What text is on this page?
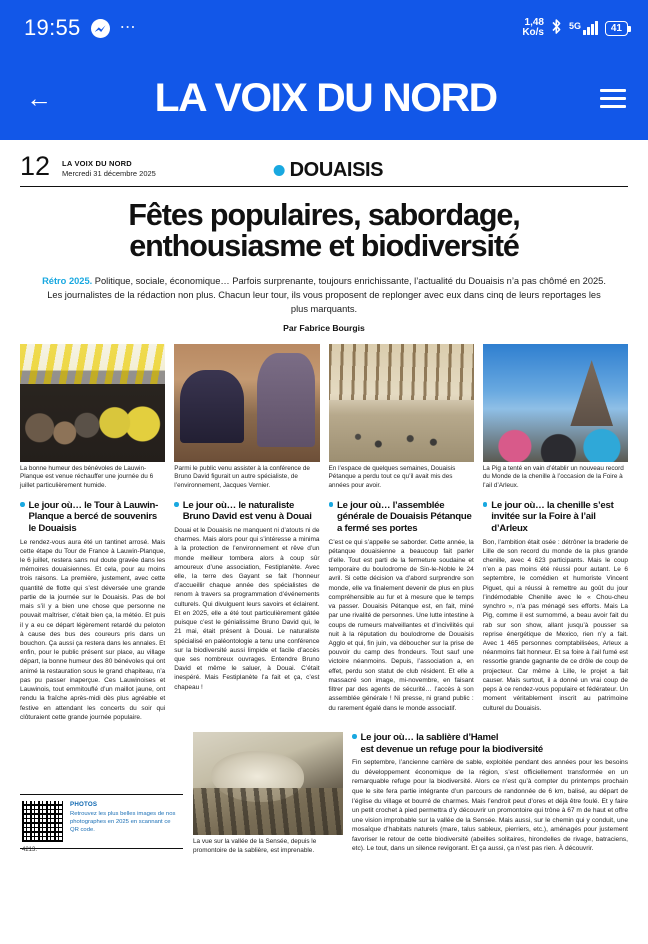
19:55 ⋯	1,48
Ko/s
5G	41
←	LA VOIX DU NORD
12 LA VOIX DU NORD
Mercredi 31 décembre 2025	DOUAISIS
Fêtes populaires, sabordage,
enthousiasme et biodiversité
Rétro 2025. Politique, sociale, économique… Parfois surprenante, toujours enrichissante, l’actualité du Douaisis n’a pas chômé en 2025. Les journalistes de la rédaction non plus. Chacun leur tour, ils vous proposent de replonger avec eux dans cinq de leurs reportages les plus marquants.
Par Fabrice Bourgis
La bonne humeur des bénévoles de Lauwin-Planque est venue réchauffer une journée du 6 juillet particulièrement humide.
Parmi le public venu assister à la conférence de Bruno David figurait un autre spécialiste, de l’environnement, Jacques Vernier.
En l’espace de quelques semaines, Douaisis Pétanque a perdu tout ce qu’il avait mis des années pour avoir.
La Pig a tenté en vain d’établir un nouveau record du Monde de la chenille à l’occasion de la Foire à l’ail d’Arleux.
Le jour où… le Tour à Lauwin-Planque a bercé de souvenirs le Douaisis
Le rendez-vous aura été un tantinet arrosé. Mais cette étape du Tour de France à Lauwin-Planque, le 6 juillet, restera sans nul doute gravée dans les mémoires douaisiennes. Et cela, pour au moins trois raisons. La première, justement, avec cette quantité de flotte qui s’est déversée une grande partie de la journée sur le Douaisis. Pas de bol mais s’il y a bien une chose que personne ne pouvait maîtriser, c’était bien ça, la météo. Et puis il y a eu ce départ légèrement retardé du peloton à cause des bus des coureurs pris dans un bouchon. Ça aussi ça restera dans les annales. Et enfin, pour le public présent sur place, au village départ, la bonne humeur des 80 bénévoles qui ont animé la restauration sous le grand chapiteau, n’a pas pu passer inaperçue. Ces Lauwinoises et Lauwinois, tout emmitouflé d’un maillot jaune, ont rendu la fraîche après-midi dès plus agréable et festive en attendant les concerts du soir qui clôturaient cette grande journée populaire.
Le jour où… le naturaliste Bruno David est venu à Douai
Douai et le Douaisis ne manquent ni d’atouts ni de charmes. Mais alors pour qui s’intéresse a minima à la protection de l’environnement et rêve d’un monde meilleur tombera alors à coup sûr amoureux d’une association, Festiplanète. Avec elle, la terre des Gayant se fait l’honneur d’accueillir chaque année des spécialistes de renom à travers sa programmation d’événements culturels. Qui divulguent leurs savoirs et éclairent. Et en 2025, elle a été tout particulièrement gâtée puisque c’est le génialissime Bruno David qui, le 21 mai, était présent à Douai. Le naturaliste spécialisé en paléontologie a tenu une conférence sur la biodiversité aussi limpide et facile d’accès que ses nombreux ouvrages. Entendre Bruno David et même le saluer, à Douai. C’était inespéré. Mais Festiplanète l’a fait et ça, c’est chapeau !
Le jour où… l’assemblée générale de Douaisis Pétanque a fermé ses portes
C’est ce qui s’appelle se saborder. Cette année, la pétanque douaisienne a beaucoup fait parler d’elle. Tout est parti de la fermeture soudaine et temporaire du boulodrome de Sin-le-Noble le 24 avril. Si cette décision va d’abord surprendre son monde, elle va finalement devenir de plus en plus compréhensible au fur et à mesure que le temps va passer. Douaisis Pétanque est, en fait, miné par une rivalité de personnes. Une lutte intestine à coups de rumeurs malveillantes et d’incivilités qui nuit à la réputation du boulodrome de Douaisis Agglo et qui, fin juin, va déboucher sur la prise de pouvoir du camp des frondeurs. Tout sauf une victoire néanmoins. Depuis, l’association a, en effet, perdu son statut de club résident. Et elle a massacré son image, mi-novembre, en faisant filtrer par des agents de sécurité… l’accès à son assemblée générale ! Ni presse, ni grand public : du rarement égalé dans le monde associatif.
Le jour où… la chenille s’est invitée sur la Foire à l’ail d’Arleux
Bon, l’ambition était osée : détrôner la braderie de Lille de son record du monde de la plus grande chenille, avec 4 623 participants. Mais le coup n’en a pas moins été réussi pour autant. Le 6 septembre, le comédien et humoriste Vincent Piguet, qui a réussi à remettre au goût du jour l’indémodable Chenille avec le « Chou-cheu synchro », n’a pas ménagé ses efforts. Mais La Pig, comme il est surnommé, a beau avoir fait du rab sur son show, allant jusqu’à pousser sa reprise énergétique de Mexico, rien n’y a fait. Avec 1 465 personnes comptabilisées, Arleux a néanmoins fait honneur. Et sa foire à l’ail fumé est ressortie grande gagnante de ce drôle de coup de projecteur. Car même à Lille, le projet a fait causer. Mais surtout, il a donné un vrai coup de peps à ce rendez-vous populaire et fédérateur. Un moment véritablement inscrit au patrimoine culturel du Douaisis.
PHOTOS
Retrouvez les plus belles images de nos photographes en 2025 en scannant ce QR code.
4213.
La vue sur la vallée de la Sensée, depuis le promontoire de la sablière, est imprenable.
Le jour où… la sablière d’Hamel
est devenue un refuge pour la biodiversité
Fin septembre, l’ancienne carrière de sable, exploitée pendant des années pour les besoins du développement économique de la région, s’est officiellement transformée en un remarquable refuge pour la biodiversité. Alors ce n’est qu’à compter du printemps prochain que le site fera partie intégrante d’un parcours de randonnée de 6 km, balisé, au départ de l’église du village et bourré de charmes. Mais l’endroit peut d’ores et déjà être foulé. Et y faire un petit crochet à pied permettra d’y découvrir un promontoire qui trône à 67 m de haut et offre une vision improbable sur la vallée de la Sensée. Mais aussi, sur le chemin qui y conduit, une mosaïque d’habitats naturels (mare, talus sableux, pierriers, etc.), aménagés pour justement favoriser le retour de cette biodiversité (abeilles solitaires, hirondelles de rivage, batraciens, etc). Le tout, dans un silence revigorant. Et ça aussi, ça n’est pas rien. À découvrir.
